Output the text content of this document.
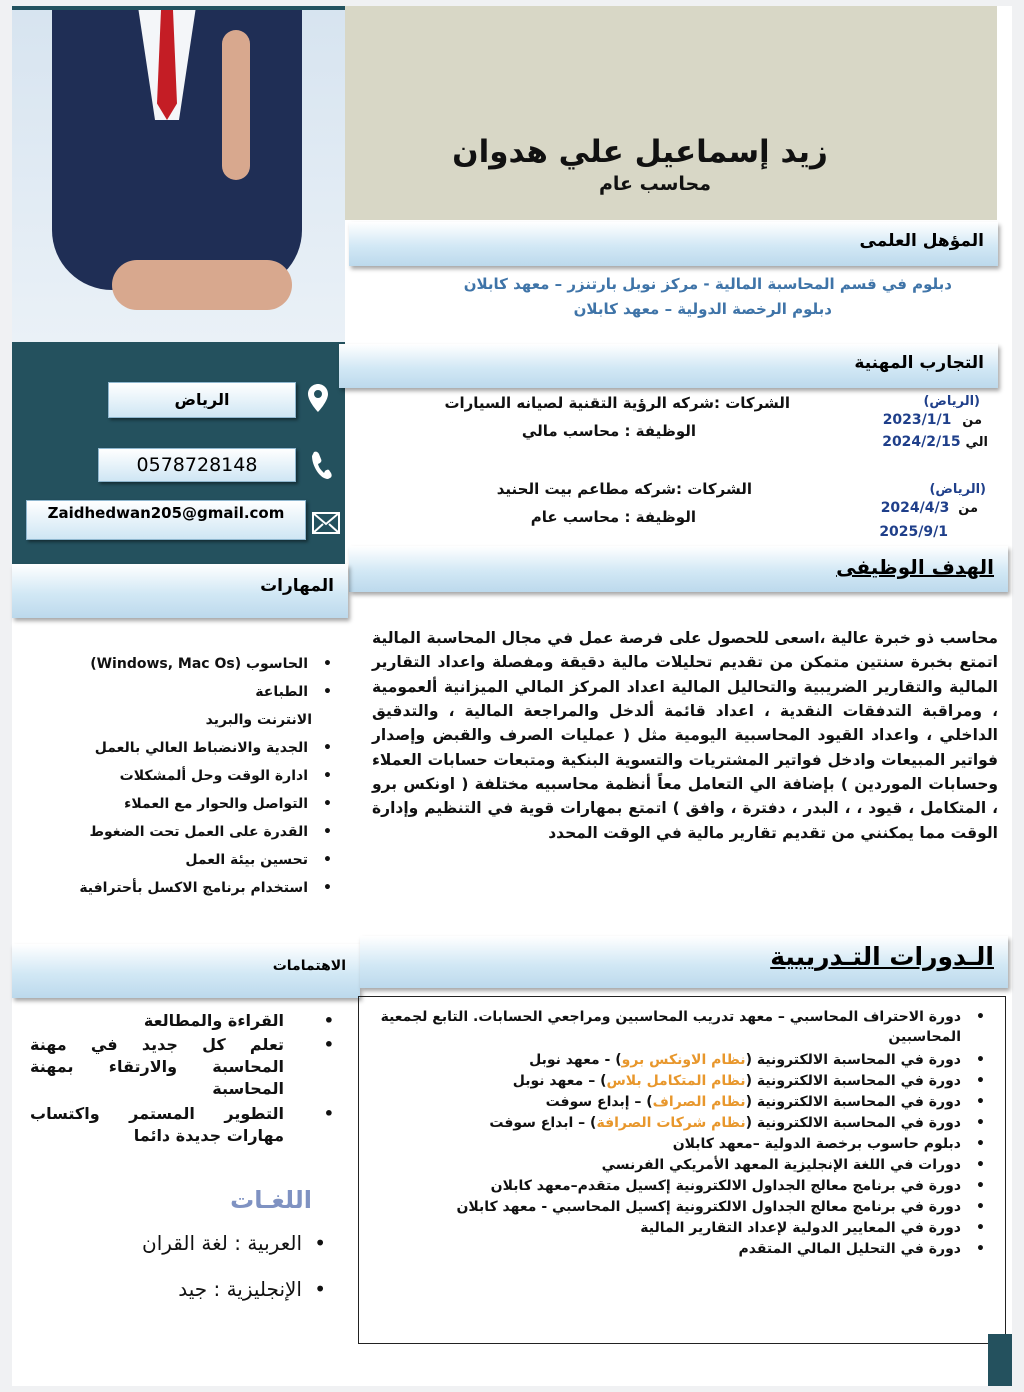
زيد إسماعيل علي هدوان
محاسب عام
الرياض
0578728148
Zaidhedwan205@gmail.com
المؤهل العلمى
دبلوم في قسم المحاسبة المالية - مركز نوبل بارتنزر – معهد كابلان
دبلوم الرخصة الدولية – معهد كابلان
التجارب المهنية
(الرياض)
من 2023/1/1
الي 2024/2/15
الشركات :شركه الرؤية التقنية لصيانه السيارات
الوظيفة : محاسب مالي
(الرياض)
من 2024/4/3
2025/9/1
الشركات :شركه مطاعم بيت الحنيد
الوظيفة : محاسب عام
الهدف الوظيفى
محاسب ذو خبرة عالية ،اسعى للحصول على فرصة عمل في مجال المحاسبة المالية اتمتع بخبرة سنتين متمكن من تقديم تحليلات مالية دقيقة ومفصلة واعداد التقارير المالية والتقارير الضريبية والتحاليل المالية اعداد المركز المالي الميزانية ألعمومية ، ومراقبة التدفقات النقدية ، اعداد قائمة ألدخل والمراجعة المالية ، والتدقيق الداخلي ، واعداد القيود المحاسبية اليومية مثل ( عمليات الصرف والقبض وإصدار فواتير المبيعات وادخل فواتير المشتريات والتسوية البنكية ومتبعات حسابات العملاء وحسابات الموردين ) بإضافة الي التعامل معاً أنظمة محاسبيه مختلفة ( اونكس برو ، المتكامل ، قيود ، ، البدر ، دفترة ، وافق ) اتمتع بمهارات قوية في التنظيم وإدارة الوقت مما يمكنني من تقديم تقارير مالية في الوقت المحدد
المهارات
• الحاسوب (Windows, Mac Os)
• الطباعة
الانترنت والبريد
• الجدية والانضباط العالي بالعمل
• ادارة الوقت وحل ألمشكلات
• التواصل والحوار مع العملاء
• القدرة على العمل تحت الضغوط
• تحسين بيئة العمل
• استخدام برنامج الاكسل بأحترافية
الاهتمامات
• القراءة والمطالعة
• تعلم كل جديد في مهنة المحاسبة والارتقاء بمهنة المحاسبة
• التطوير المستمر واكتساب مهارات جديدة دائما
اللغـات
• العربية : لغة القران
• الإنجليزية : جيد
الـدورات التـدريبية
• دورة الاحتراف المحاسبي – معهد تدريب المحاسبين ومراجعي الحسابات. التابع لجمعية المحاسبين
• دورة في المحاسبة الالكترونية (نظام الاونكس برو) - معهد نوبل
• دورة في المحاسبة الالكترونية (نظام المتكامل بلاس) – معهد نوبل
• دورة في المحاسبة الالكترونية (نظام الصراف) – إبداع سوفت
• دورة في المحاسبة الالكترونية (نظام شركات الصرافة) – ابداع سوفت
• دبلوم حاسوب برخصة الدولية –معهد كابلان
• دورات في اللغة الإنجليزية المعهد الأمريكي الفرنسي
• دورة في برنامج معالج الجداول الالكترونية إكسيل متقدم–معهد كابلان
• دورة في برنامج معالج الجداول الالكترونية إكسيل المحاسبي - معهد كابلان
• دورة في المعايير الدولية لإعداد التقارير المالية
• دورة في التحليل المالي المتقدم
